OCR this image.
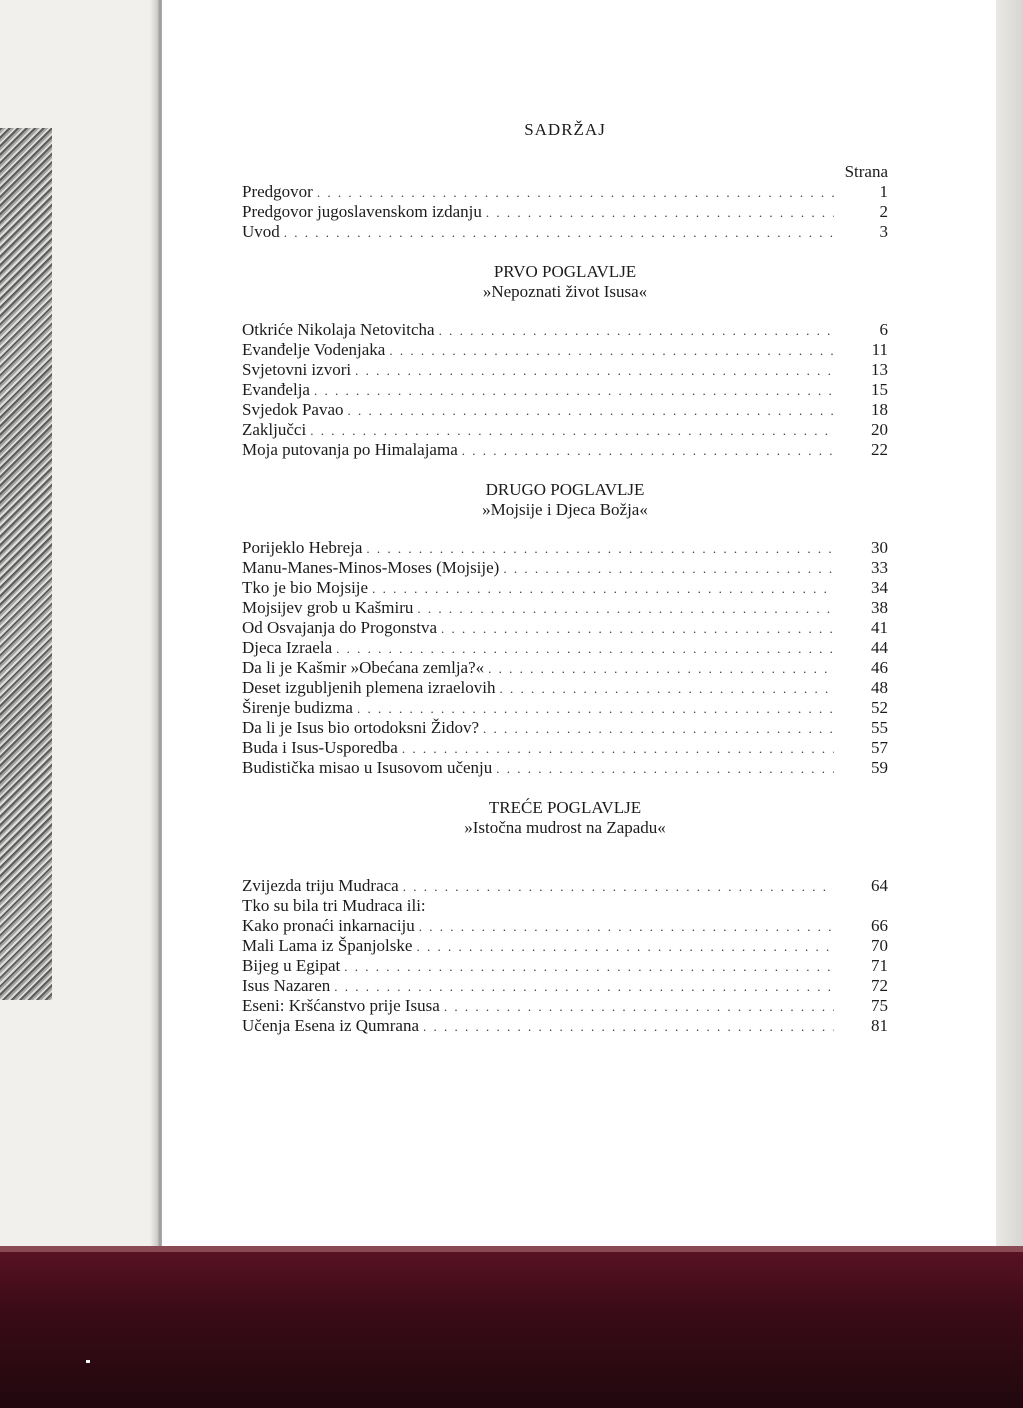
SADRŽAJ
Strana
Predgovor . . .	1
Predgovor jugoslavenskom izdanju . . .	2
Uvod . . .	3
PRVO POGLAVLJE
»Nepoznati život Isusa«
Otkriće Nikolaja Netovitcha . . .	6
Evanđelje Vodenjaka . . .	11
Svjetovni izvori . . .	13
Evanđelja . . .	15
Svjedok Pavao . . .	18
Zaključci . . .	20
Moja putovanja po Himalajama . . .	22
DRUGO POGLAVLJE
»Mojsije i Djeca Božja«
Porijeklo Hebreja . . .	30
Manu-Manes-Minos-Moses (Mojsije) . . .	33
Tko je bio Mojsije . . .	34
Mojsijev grob u Kašmiru . . .	38
Od Osvajanja do Progonstva . . .	41
Djeca Izraela . . .	44
Da li je Kašmir »Obećana zemlja?« . . .	46
Deset izgubljenih plemena izraelovih . . .	48
Širenje budizma . . .	52
Da li je Isus bio ortodoksni Židov? . . .	55
Buda i Isus-Usporedba . . .	57
Budistička misao u Isusovom učenju . . .	59
TREĆE POGLAVLJE
»Istočna mudrost na Zapadu«
Zvijezda triju Mudraca . . .	64
Tko su bila tri Mudraca ili:
Kako pronaći inkarnaciju . . .	66
Mali Lama iz Španjolske . . .	70
Bijeg u Egipat . . .	71
Isus Nazaren . . .	72
Eseni: Kršćanstvo prije Isusa . . .	75
Učenja Esena iz Qumrana . . .	81
